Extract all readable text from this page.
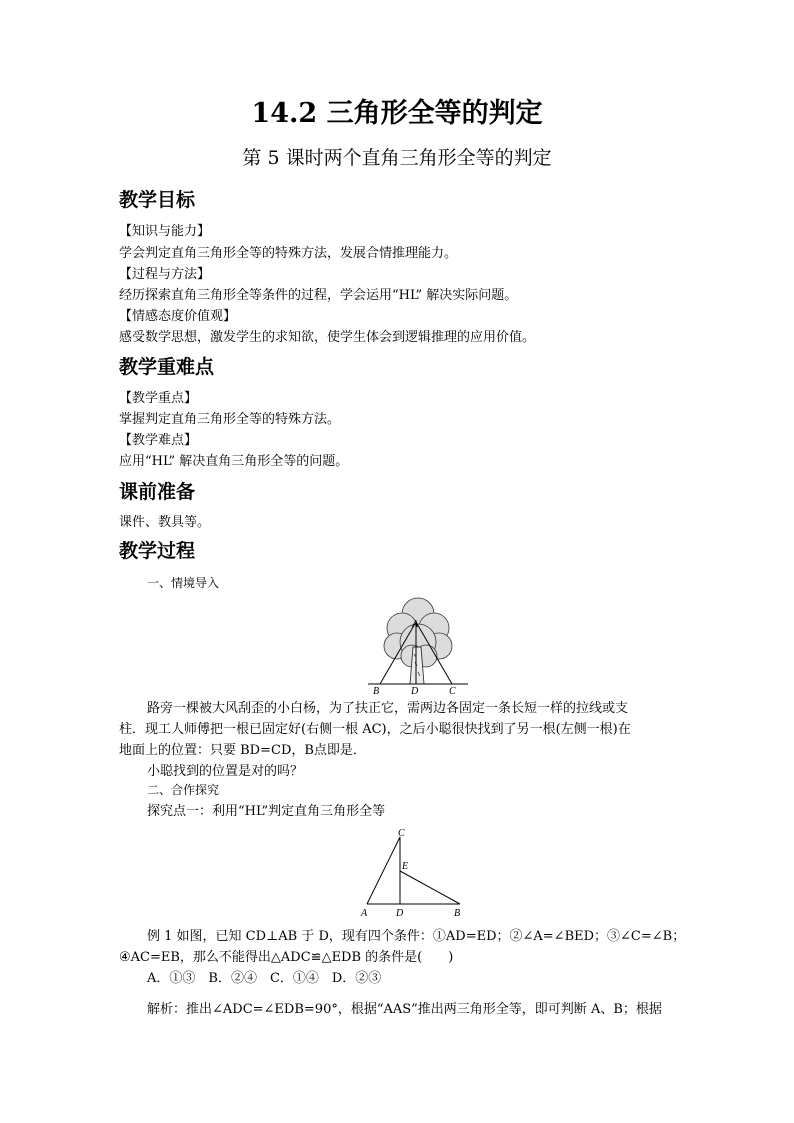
14.2 三角形全等的判定
第 5 课时两个直角三角形全等的判定
教学目标
【知识与能力】
学会判定直角三角形全等的特殊方法，发展合情推理能力。
【过程与方法】
经历探索直角三角形全等条件的过程，学会运用“HL” 解决实际问题。
【情感态度价值观】
感受数学思想，激发学生的求知欲，使学生体会到逻辑推理的应用价值。
教学重难点
【教学重点】
掌握判定直角三角形全等的特殊方法。
【教学难点】
应用“HL” 解决直角三角形全等的问题。
课前准备
课件、教具等。
教学过程
一、情境导入
A
B	D	C
路旁一棵被大风刮歪的小白杨，为了扶正它，需两边各固定一条长短一样的拉线或支
柱．现工人师傅把一根已固定好(右侧一根 AC)，之后小聪很快找到了另一根(左侧一根)在
地面上的位置：只要 BD=CD，B点即是．
小聪找到的位置是对的吗？
二、合作探究
探究点一：利用“HL”判定直角三角形全等
C
E
A	D	B
例 1 如图，已知 CD⊥AB 于 D，现有四个条件：①AD=ED；②∠A=∠BED；③∠C=∠B；
④AC=EB，那么不能得出△ADC≌△EDB 的条件是(　　)
A．①③　B．②④　C．①④　D．②③
解析：推出∠ADC=∠EDB=90°，根据“AAS”推出两三角形全等，即可判断 A、B；根据
